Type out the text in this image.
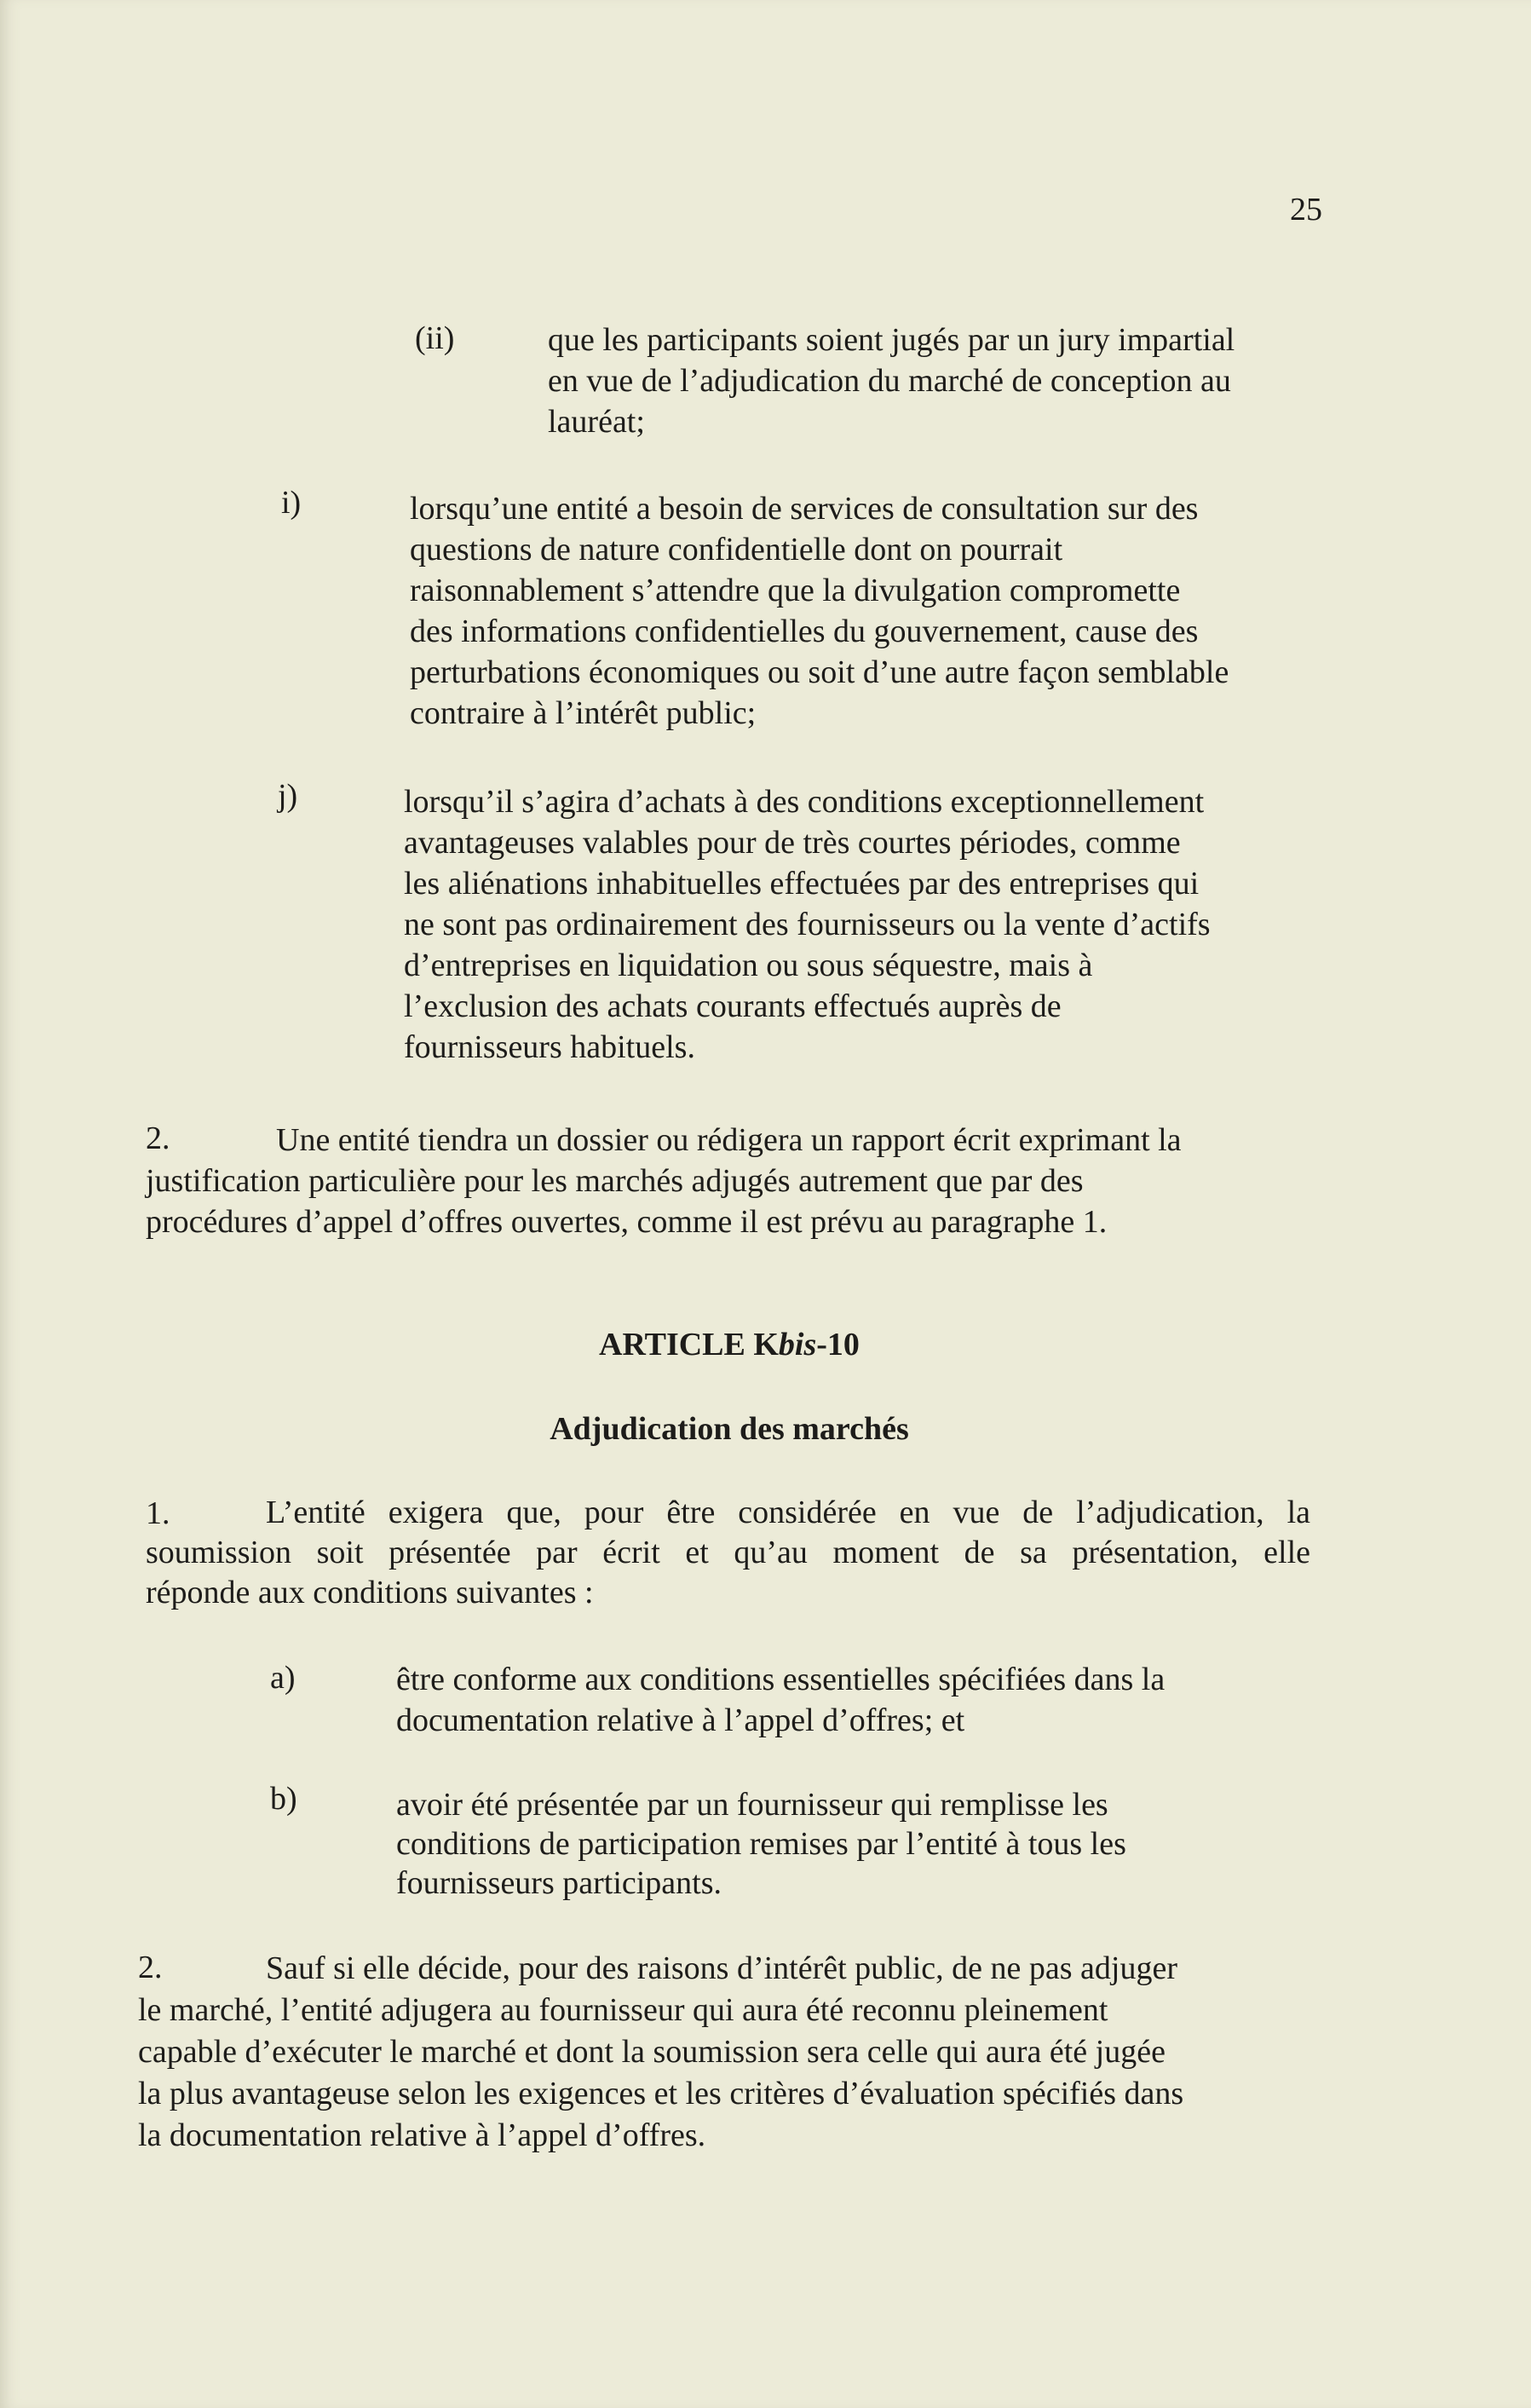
25
(ii)	que les participants soient jugés par un jury impartial
en vue de l’adjudication du marché de conception au
lauréat;
i)	lorsqu’une entité a besoin de services de consultation sur des
questions de nature confidentielle dont on pourrait
raisonnablement s’attendre que la divulgation compromette
des informations confidentielles du gouvernement, cause des
perturbations économiques ou soit d’une autre façon semblable
contraire à l’intérêt public;
j)	lorsqu’il s’agira d’achats à des conditions exceptionnellement
avantageuses valables pour de très courtes périodes, comme
les aliénations inhabituelles effectuées par des entreprises qui
ne sont pas ordinairement des fournisseurs ou la vente d’actifs
d’entreprises en liquidation ou sous séquestre, mais à
l’exclusion des achats courants effectués auprès de
fournisseurs habituels.
2.	Une entité tiendra un dossier ou rédigera un rapport écrit exprimant la
justification particulière pour les marchés adjugés autrement que par des
procédures d’appel d’offres ouvertes, comme il est prévu au paragraphe 1.
ARTICLE Kbis-10
Adjudication des marchés
1.	L’entité exigera que, pour être considérée en vue de l’adjudication, la
soumission soit présentée par écrit et qu’au moment de sa présentation, elle
réponde aux conditions suivantes :
a)	être conforme aux conditions essentielles spécifiées dans la
documentation relative à l’appel d’offres; et
b)	avoir été présentée par un fournisseur qui remplisse les
conditions de participation remises par l’entité à tous les
fournisseurs participants.
2.	Sauf si elle décide, pour des raisons d’intérêt public, de ne pas adjuger
le marché, l’entité adjugera au fournisseur qui aura été reconnu pleinement
capable d’exécuter le marché et dont la soumission sera celle qui aura été jugée
la plus avantageuse selon les exigences et les critères d’évaluation spécifiés dans
la documentation relative à l’appel d’offres.
